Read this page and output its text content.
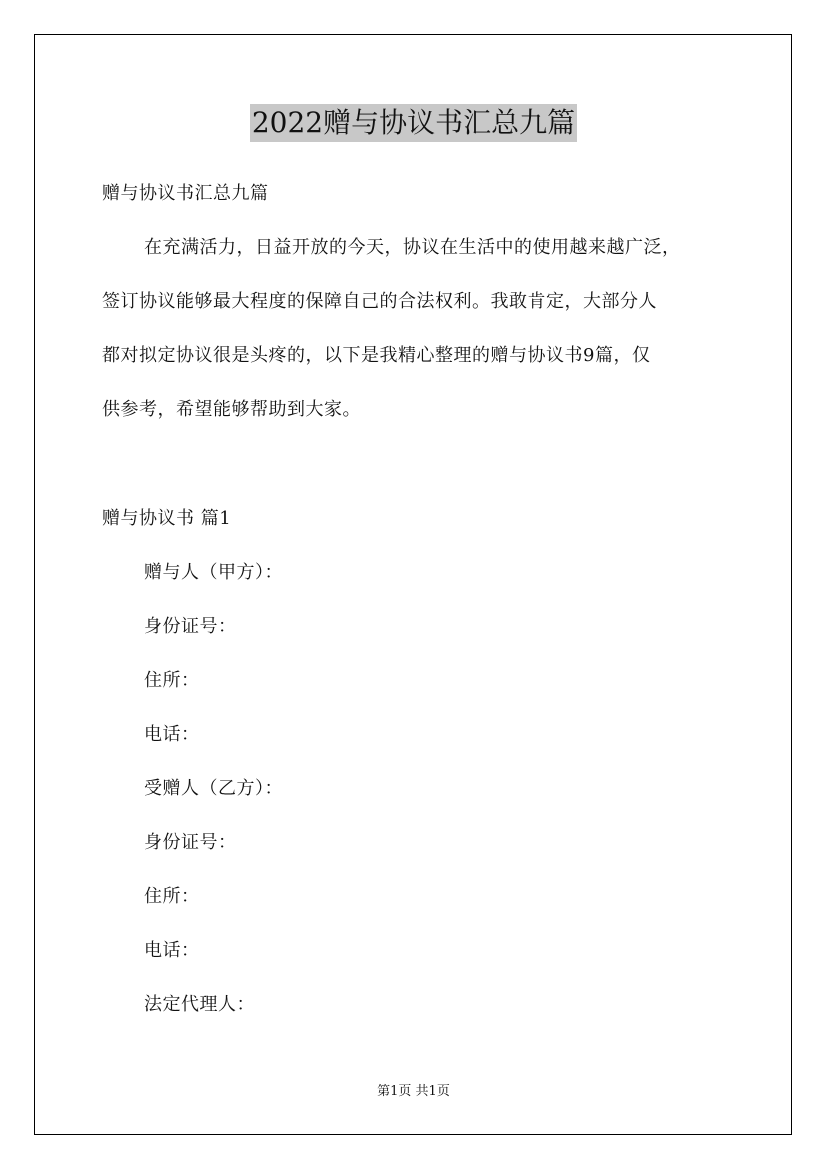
2022赠与协议书汇总九篇
赠与协议书汇总九篇
在充满活力，日益开放的今天，协议在生活中的使用越来越广泛，
签订协议能够最大程度的保障自己的合法权利。我敢肯定，大部分人
都对拟定协议很是头疼的，以下是我精心整理的赠与协议书9篇，仅
供参考，希望能够帮助到大家。
赠与协议书 篇1
赠与人（甲方）：
身份证号：
住所：
电话：
受赠人（乙方）：
身份证号：
住所：
电话：
法定代理人：
第1页 共1页
